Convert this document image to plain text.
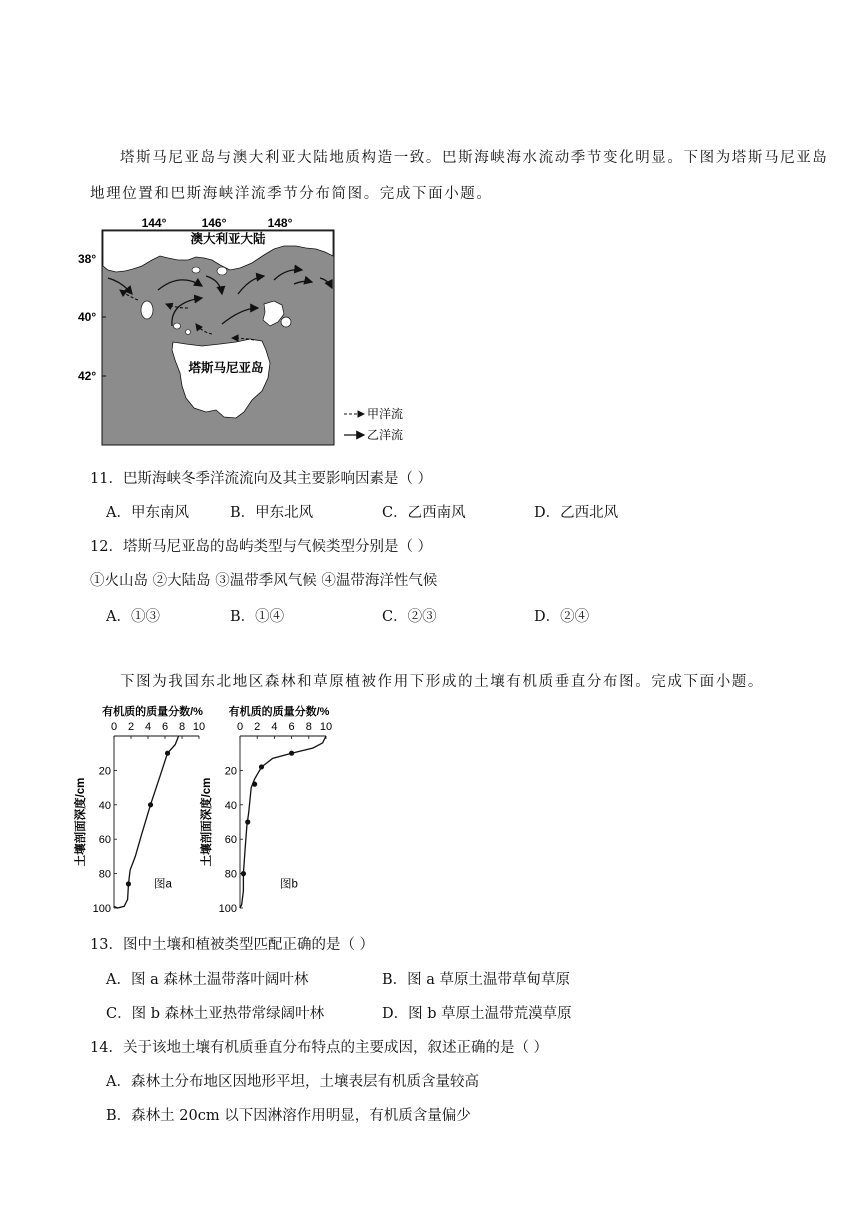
塔斯马尼亚岛与澳大利亚大陆地质构造一致。巴斯海峡海水流动季节变化明显。下图为塔斯马尼亚岛
地理位置和巴斯海峡洋流季节分布简图。完成下面小题。
144°	146°	148°
38°
40°
42°
澳大利亚大陆
塔斯马尼亚岛
甲洋流
乙洋流
11．巴斯海峡冬季洋流流向及其主要影响因素是（ ）
A．甲东南风	B．甲东北风	C．乙西南风	D．乙西北风
12．塔斯马尼亚岛的岛屿类型与气候类型分别是（ ）
①火山岛 ②大陆岛 ③温带季风气候 ④温带海洋性气候
A．①③	B．①④	C．②③	D．②④
下图为我国东北地区森林和草原植被作用下形成的土壤有机质垂直分布图。完成下面小题。
有机质的质量分数/%
0 2 4 6 8 10
20
40
60
80
100
土壤剖面深度/cm
图a
有机质的质量分数/%
0 2 4 6 8 10
20
40
60
80
100
土壤剖面深度/cm
图b
13．图中土壤和植被类型匹配正确的是（ ）
A．图 a 森林土温带落叶阔叶林	B．图 a 草原土温带草甸草原
C．图 b 森林土亚热带常绿阔叶林	D．图 b 草原土温带荒漠草原
14．关于该地土壤有机质垂直分布特点的主要成因，叙述正确的是（ ）
A．森林土分布地区因地形平坦，土壤表层有机质含量较高
B．森林土 20cm 以下因淋溶作用明显，有机质含量偏少
